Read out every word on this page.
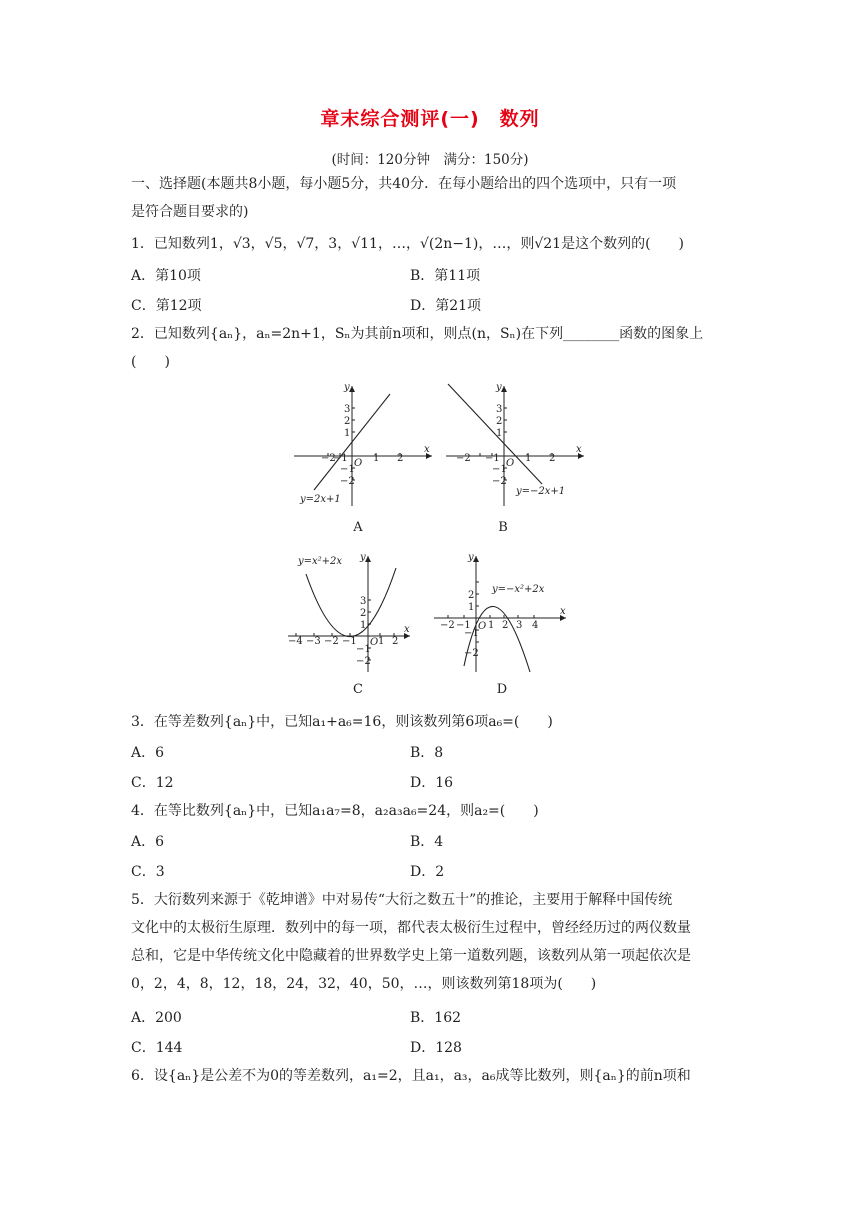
章末综合测评(一)　数列
(时间：120分钟　满分：150分)
一、选择题(本题共8小题，每小题5分，共40分．在每小题给出的四个选项中，只有一项
是符合题目要求的)
1．已知数列1，√3，√5，√7，3，√11，…，√(2n−1)，…，则√21是这个数列的(　　)
A．第10项	B．第11项
C．第12项	D．第21项
2．已知数列{aₙ}，aₙ=2n+1，Sₙ为其前n项和，则点(n，Sₙ)在下列________函数的图象上
(　　)
−2
−1 O 1 2
x
y
1
2
3
−1
−2
y=2x+1
A
−2 −1 O 1 2
x
y
1
2
3
−1
−2
y=−2x+1
B
−4 −3 −2 −1 O 1 2
x
y
1
2
3
−1
−2
y=x²+2x
C
−2 −1 O 1 2 3 4
x
y
1
2
−1
−2
y=−x²+2x
D
3．在等差数列{aₙ}中，已知a₁+a₆=16，则该数列第6项a₆=(　　)
A．6	B．8
C．12	D．16
4．在等比数列{aₙ}中，已知a₁a₇=8，a₂a₃a₆=24，则a₂=(　　)
A．6	B．4
C．3	D．2
5．大衍数列来源于《乾坤谱》中对易传“大衍之数五十”的推论，主要用于解释中国传统
文化中的太极衍生原理．数列中的每一项，都代表太极衍生过程中，曾经经历过的两仪数量
总和，它是中华传统文化中隐藏着的世界数学史上第一道数列题，该数列从第一项起依次是
0，2，4，8，12，18，24，32，40，50，…，则该数列第18项为(　　)
A．200	B．162
C．144	D．128
6．设{aₙ}是公差不为0的等差数列，a₁=2，且a₁，a₃，a₆成等比数列，则{aₙ}的前n项和
